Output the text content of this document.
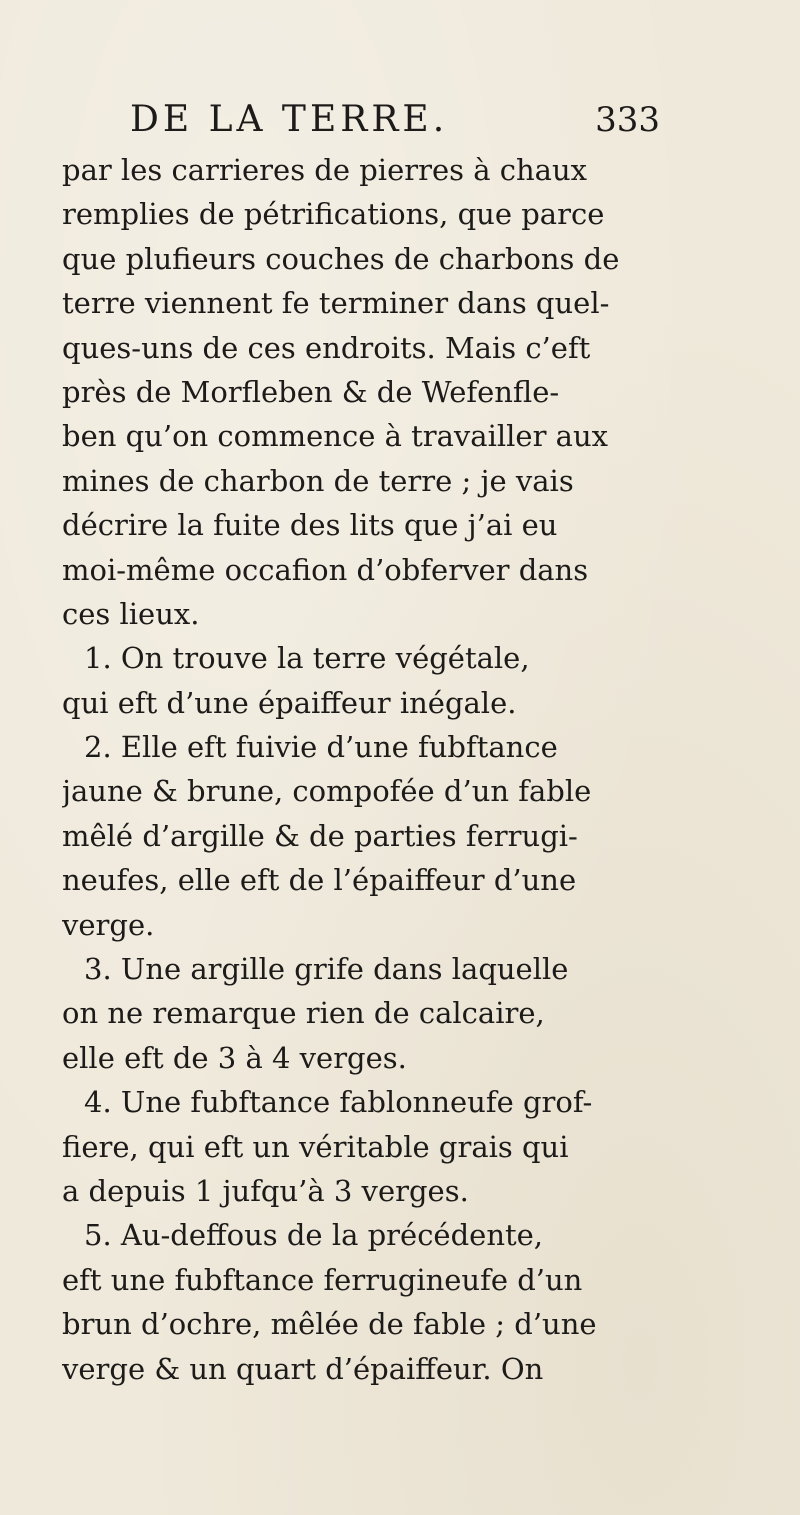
DE LA TERRE.	333
par les carrieres de pierres à chaux
remplies de pétrifications, que parce
que plufieurs couches de charbons de
terre viennent fe terminer dans quel-
ques-uns de ces endroits. Mais c’eft
près de Morfleben & de Wefenfle-
ben qu’on commence à travailler aux
mines de charbon de terre ; je vais
décrire la fuite des lits que j’ai eu
moi-même occafion d’obferver dans
ces lieux.
1. On trouve la terre végétale,
qui eft d’une épaiffeur inégale.
2. Elle eft fuivie d’une fubftance
jaune & brune, compofée d’un fable
mêlé d’argille & de parties ferrugi-
neufes, elle eft de l’épaiffeur d’une
verge.
3. Une argille grife dans laquelle
on ne remarque rien de calcaire,
elle eft de 3 à 4 verges.
4. Une fubftance fablonneufe grof-
fiere, qui eft un véritable grais qui
a depuis 1 jufqu’à 3 verges.
5. Au-deffous de la précédente,
eft une fubftance ferrugineufe d’un
brun d’ochre, mêlée de fable ; d’une
verge & un quart d’épaiffeur. On
